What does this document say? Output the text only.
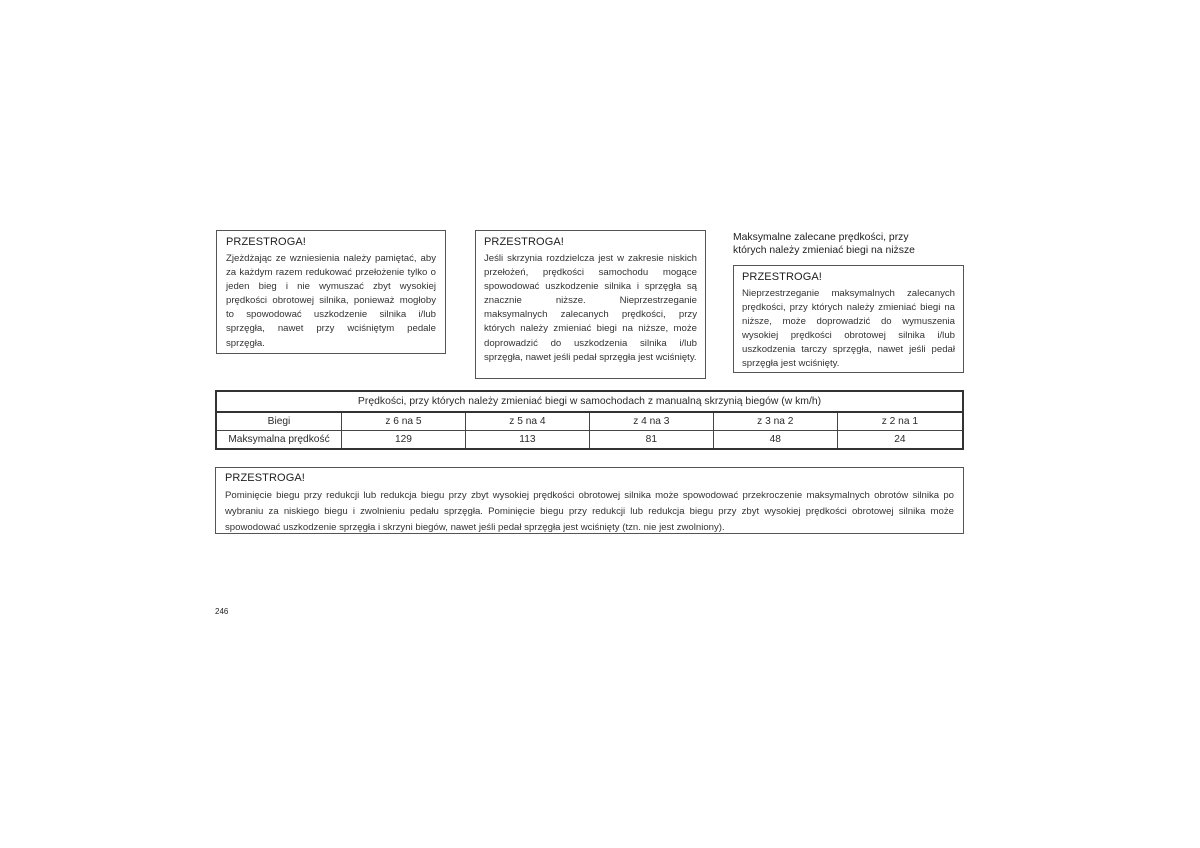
PRZESTROGA!

Zjeżdżając ze wzniesienia należy pamiętać, aby za każdym razem redukować przełożenie tylko o jeden bieg i nie wymuszać zbyt wysokiej prędkości obrotowej silnika, ponieważ mogłoby to spowodować uszkodzenie silnika i/lub sprzęgła, nawet przy wciśniętym pedale sprzęgła.

PRZESTROGA!

Jeśli skrzynia rozdzielcza jest w zakresie niskich przełożeń, prędkości samochodu mogące spowodować uszkodzenie silnika i sprzęgła są znacznie niższe. Nieprzestrzeganie maksymalnych zalecanych prędkości, przy których należy zmieniać biegi na niższe, może doprowadzić do uszkodzenia silnika i/lub sprzęgła, nawet jeśli pedał sprzęgła jest wciśnięty.

Maksymalne zalecane prędkości, przy
których należy zmieniać biegi na niższe

PRZESTROGA!

Nieprzestrzeganie maksymalnych zalecanych prędkości, przy których należy zmieniać biegi na niższe, może doprowadzić do wymuszenia wysokiej prędkości obrotowej silnika i/lub uszkodzenia tarczy sprzęgła, nawet jeśli pedał sprzęgła jest wciśnięty.

Prędkości, przy których należy zmieniać biegi w samochodach z manualną skrzynią biegów (w km/h)					
Biegi	z 6 na 5	z 5 na 4	z 4 na 3	z 3 na 2	z 2 na 1
Maksymalna prędkość	129	113	81	48	24

PRZESTROGA!

Pominięcie biegu przy redukcji lub redukcja biegu przy zbyt wysokiej prędkości obrotowej silnika może spowodować przekroczenie maksymalnych obrotów silnika po wybraniu za niskiego biegu i zwolnieniu pedału sprzęgła. Pominięcie biegu przy redukcji lub redukcja biegu przy zbyt wysokiej prędkości obrotowej silnika może spowodować uszkodzenie sprzęgła i skrzyni biegów, nawet jeśli pedał sprzęgła jest wciśnięty (tzn. nie jest zwolniony).

246
